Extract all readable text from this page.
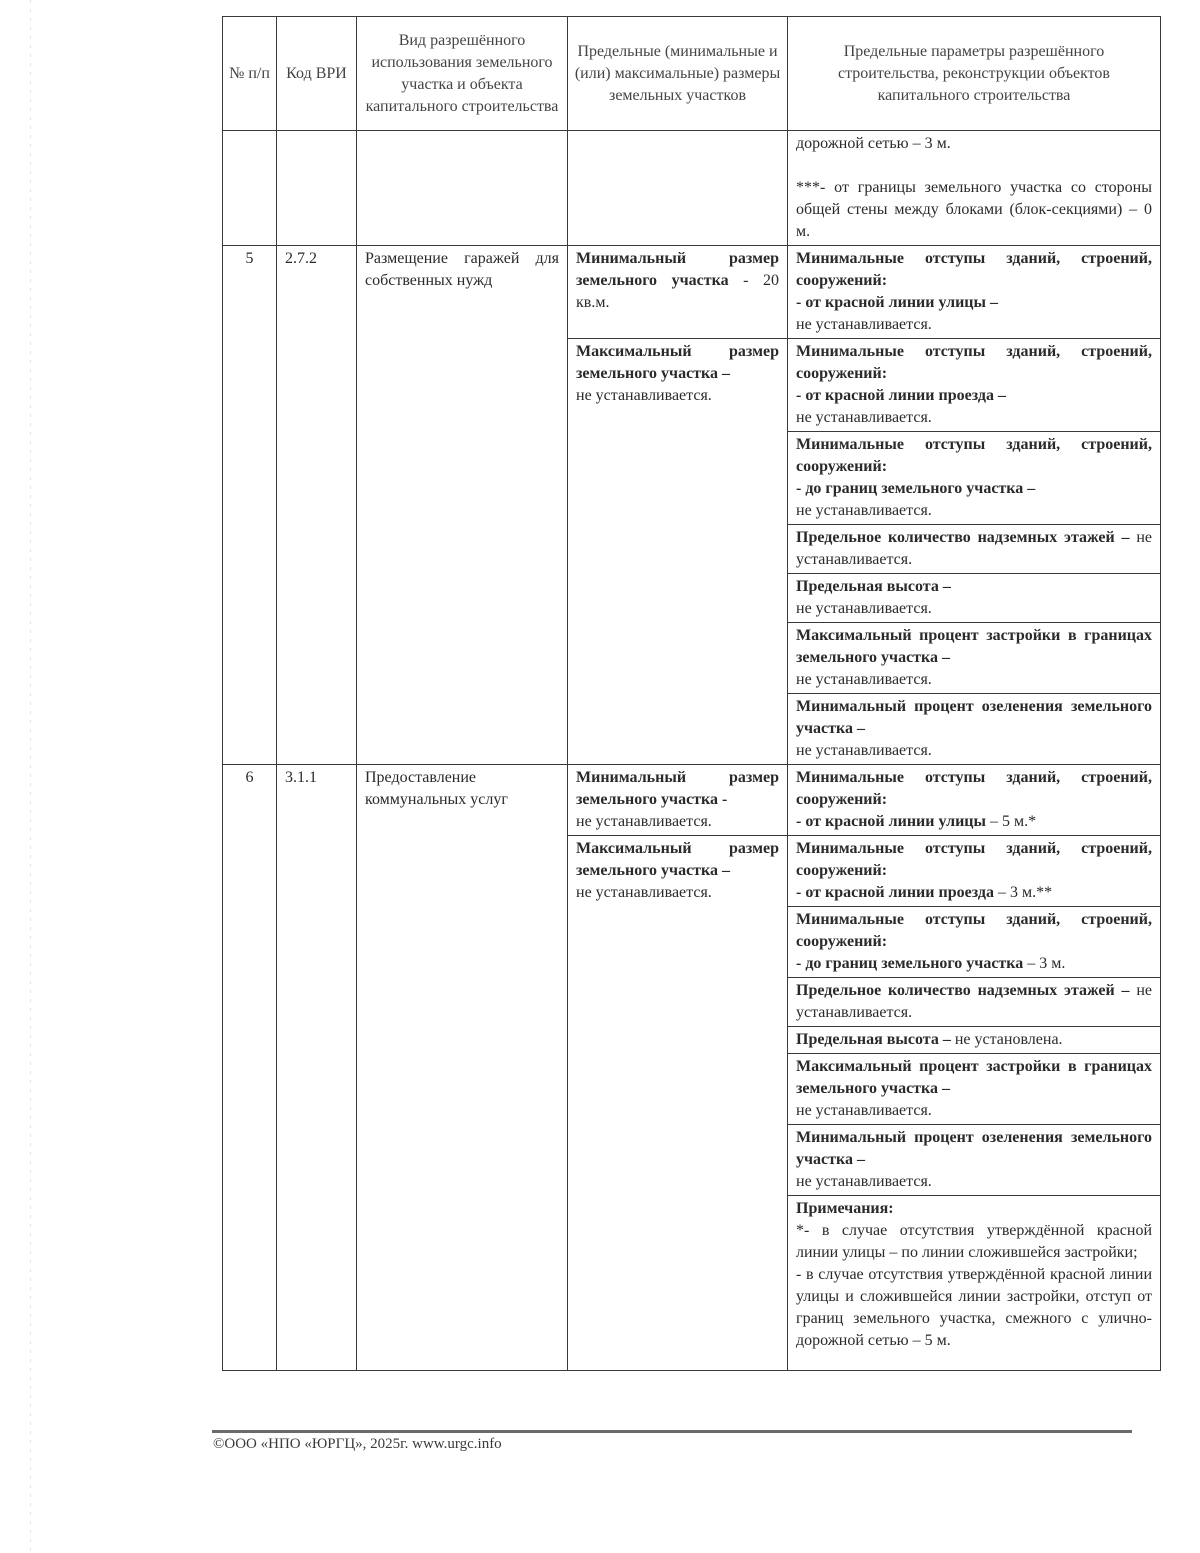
№ п/п	Код ВРИ	Вид разрешённого использования земельного участка и объекта капитального строительства	Предельные (минимальные и (или) максимальные) размеры земельных участков	Предельные параметры разрешённого строительства, реконструкции объектов капитального строительства
				дорожной сетью – 3 м.
***- от границы земельного участка со стороны общей стены между блоками (блок-секциями) – 0 м.
5	2.7.2	Размещение гаражей для собственных нужд	Минимальный размер земельного участка - 20 кв.м.	Минимальные отступы зданий, строений, сооружений:
- от красной линии улицы –
не устанавливается.
			Максимальный размер земельного участка –
не устанавливается.	Минимальные отступы зданий, строений, сооружений:
- от красной линии проезда –
не устанавливается.
				Минимальные отступы зданий, строений, сооружений:
- до границ земельного участка –
не устанавливается.
				Предельное количество надземных этажей – не устанавливается.
				Предельная высота –
не устанавливается.
				Максимальный процент застройки в границах земельного участка –
не устанавливается.
				Минимальный процент озеленения земельного участка –
не устанавливается.
6	3.1.1	Предоставление коммунальных услуг	Минимальный размер земельного участка -
не устанавливается.	Минимальные отступы зданий, строений, сооружений:
- от красной линии улицы – 5 м.*
			Максимальный размер земельного участка –
не устанавливается.	Минимальные отступы зданий, строений, сооружений:
- от красной линии проезда – 3 м.**
				Минимальные отступы зданий, строений, сооружений:
- до границ земельного участка – 3 м.
				Предельное количество надземных этажей – не устанавливается.
				Предельная высота – не установлена.
				Максимальный процент застройки в границах земельного участка –
не устанавливается.
				Минимальный процент озеленения земельного участка –
не устанавливается.
				Примечания:
*- в случае отсутствия утверждённой красной линии улицы – по линии сложившейся застройки;
- в случае отсутствия утверждённой красной линии улицы и сложившейся линии застройки, отступ от границ земельного участка, смежного с улично-дорожной сетью – 5 м.
©ООО «НПО «ЮРГЦ», 2025г. www.urgc.info
